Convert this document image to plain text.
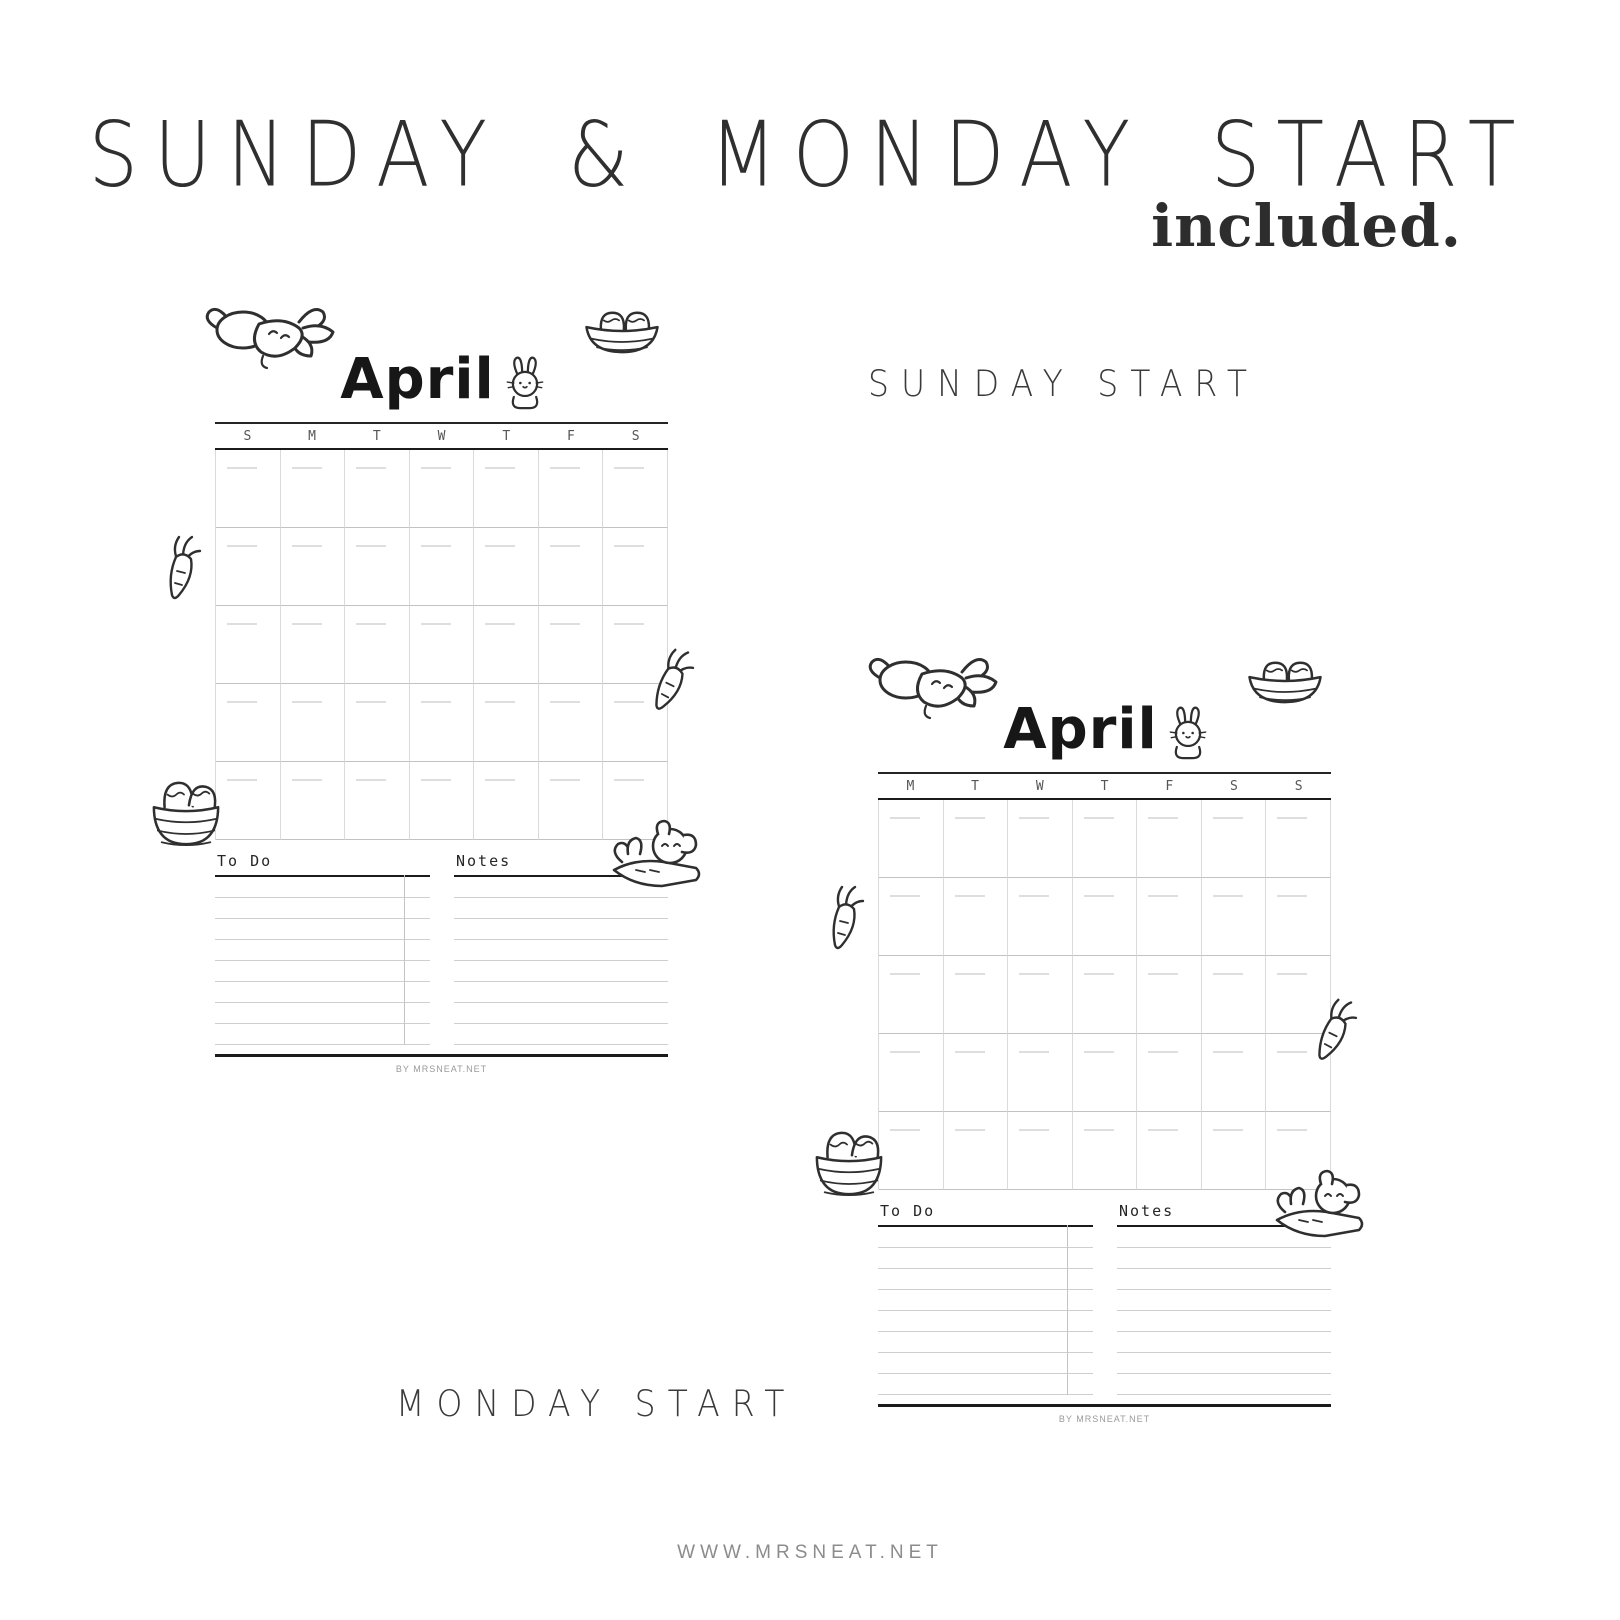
SUNDAY & MONDAY START
included.
SUNDAY START
MONDAY START
April
S	M	T	W	T	F	S
To Do	Notes
BY MRSNEAT.NET
April
M	T	W	T	F	S	S
To Do	Notes
BY MRSNEAT.NET
WWW.MRSNEAT.NET
